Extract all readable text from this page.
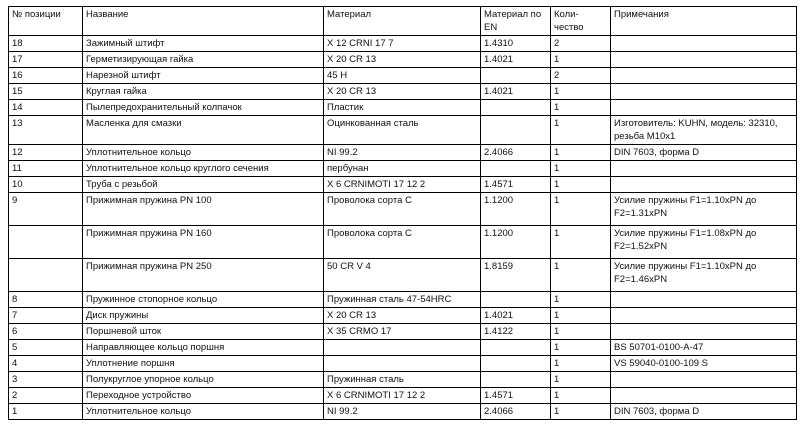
№ позиции	Название	Материал	Материал по EN	Коли-чество	Примечания
18	Зажимный штифт	X 12 CRNI 17 7	1.4310	2	
17	Герметизирующая гайка	X 20 CR 13	1.4021	1	
16	Нарезной штифт	45 H		2	
15	Круглая гайка	X 20 CR 13	1.4021	1	
14	Пылепредохранительный колпачок	Пластик		1	
13	Масленка для смазки	Оцинкованная сталь		1	Изготовитель: KUHN, модель: 32310, резьба M10x1
12	Уплотнительное кольцо	NI 99.2	2.4066	1	DIN 7603, форма D
11	Уплотнительное кольцо круглого сечения	пербунан		1	
10	Труба с резьбой	X 6 CRNIMOTI 17 12 2	1.4571	1	
9	Прижимная пружина PN 100	Проволока сорта C	1.1200	1	Усилие пружины F1=1.10xPN до F2=1.31xPN
	Прижимная пружина PN 160	Проволока сорта C	1.1200	1	Усилие пружины F1=1.08xPN до F2=1.52xPN
	Прижимная пружина PN 250	50 CR V 4	1.8159	1	Усилие пружины F1=1.10xPN до F2=1.46xPN
8	Пружинное стопорное кольцо	Пружинная сталь 47-54HRC		1	
7	Диск пружины	X 20 CR 13	1.4021	1	
6	Поршневой шток	X 35 CRMO 17	1.4122	1	
5	Направляющее кольцо поршня			1	BS 50701-0100-A-47
4	Уплотнение поршня			1	VS 59040-0100-109 S
3	Полукруглое упорное кольцо	Пружинная сталь		1	
2	Переходное устройство	X 6 CRNIMOTI 17 12 2	1.4571	1	
1	Уплотнительное кольцо	NI 99.2	2.4066	1	DIN 7603, форма D
